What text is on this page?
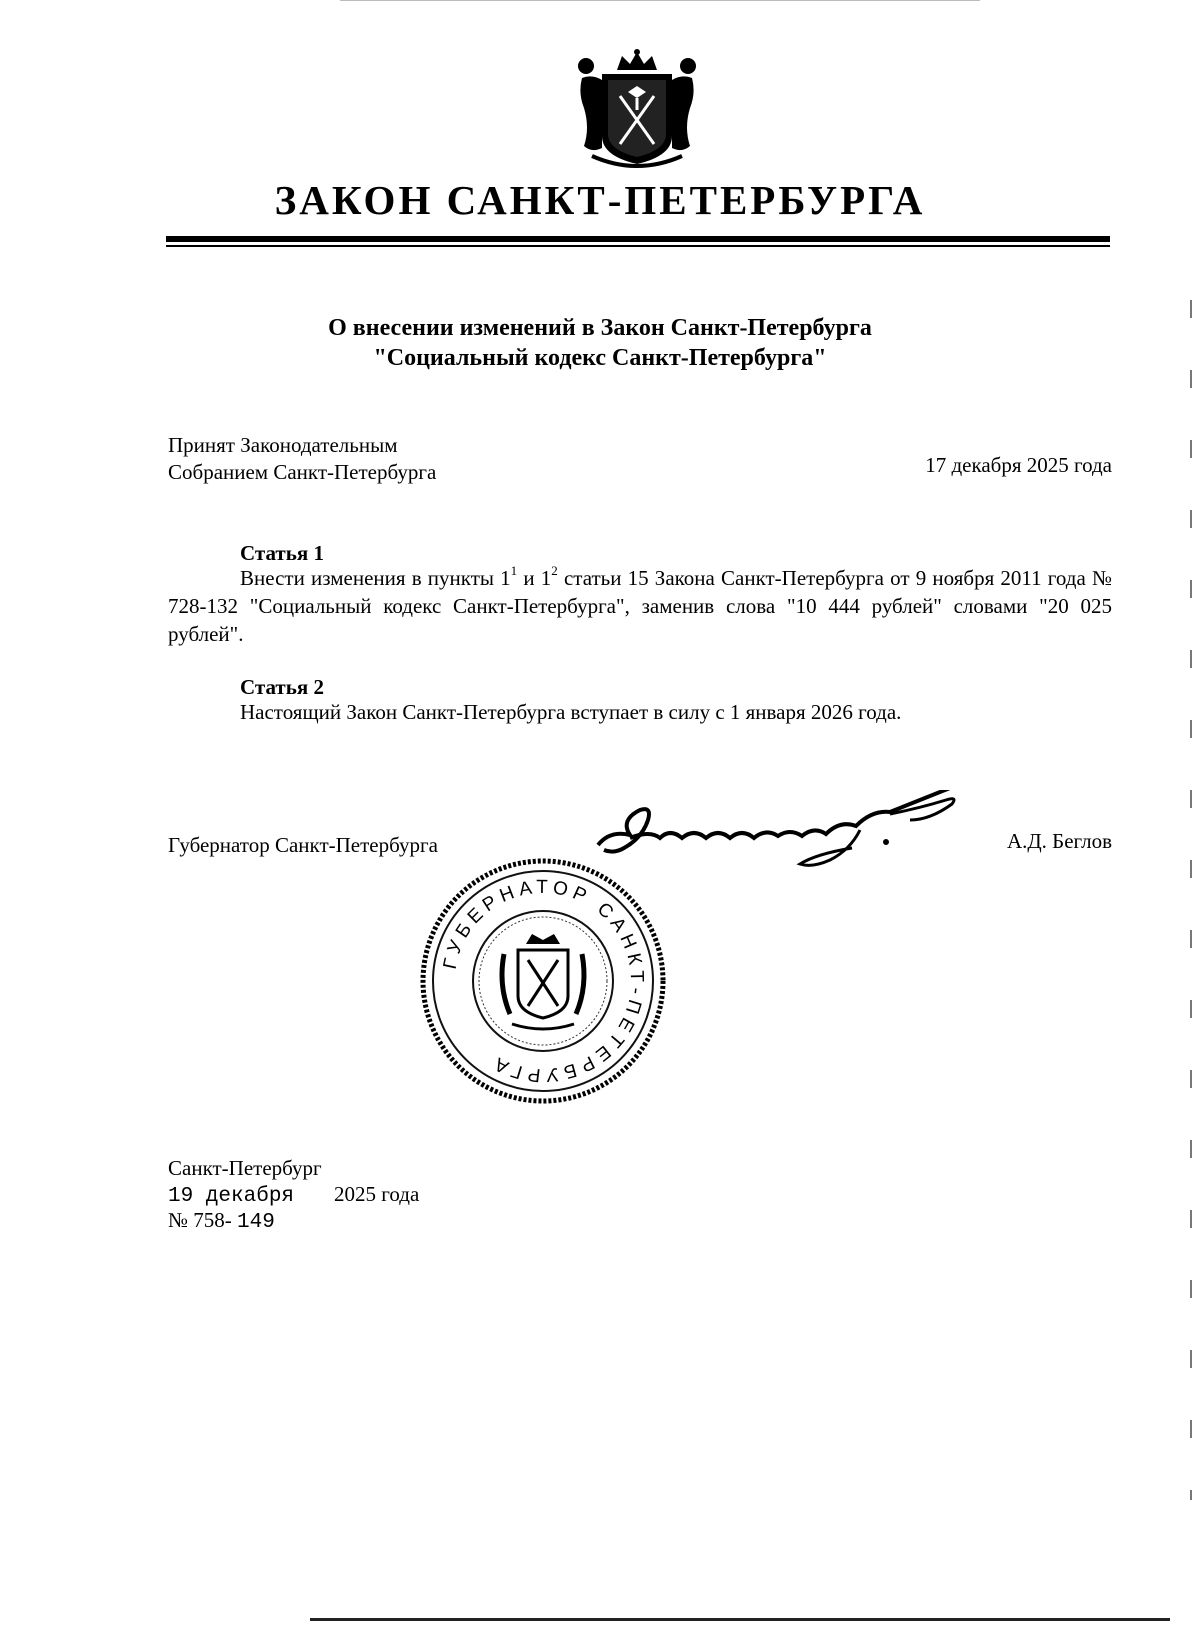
ЗАКОН САНКТ-ПЕТЕРБУРГА
О внесении изменений в Закон Санкт-Петербурга
"Социальный кодекс Санкт-Петербурга"
Принят Законодательным
Собранием Санкт-Петербурга	17 декабря 2025 года
Статья 1
Внести изменения в пункты $1^1$ и $1^2$ статьи 15 Закона Санкт-Петербурга от 9 ноября 2011 года № 728-132 "Социальный кодекс Санкт-Петербурга", заменив слова "10 444 рублей" словами "20 025 рублей".
Статья 2
Настоящий Закон Санкт-Петербурга вступает в силу с 1 января 2026 года.
Губернатор Санкт-Петербурга	А.Д. Беглов
ГУБЕРНАТОР САНКТ-ПЕТЕРБУРГА
Санкт-Петербург
19 декабря 2025 года
№ 758- 149
